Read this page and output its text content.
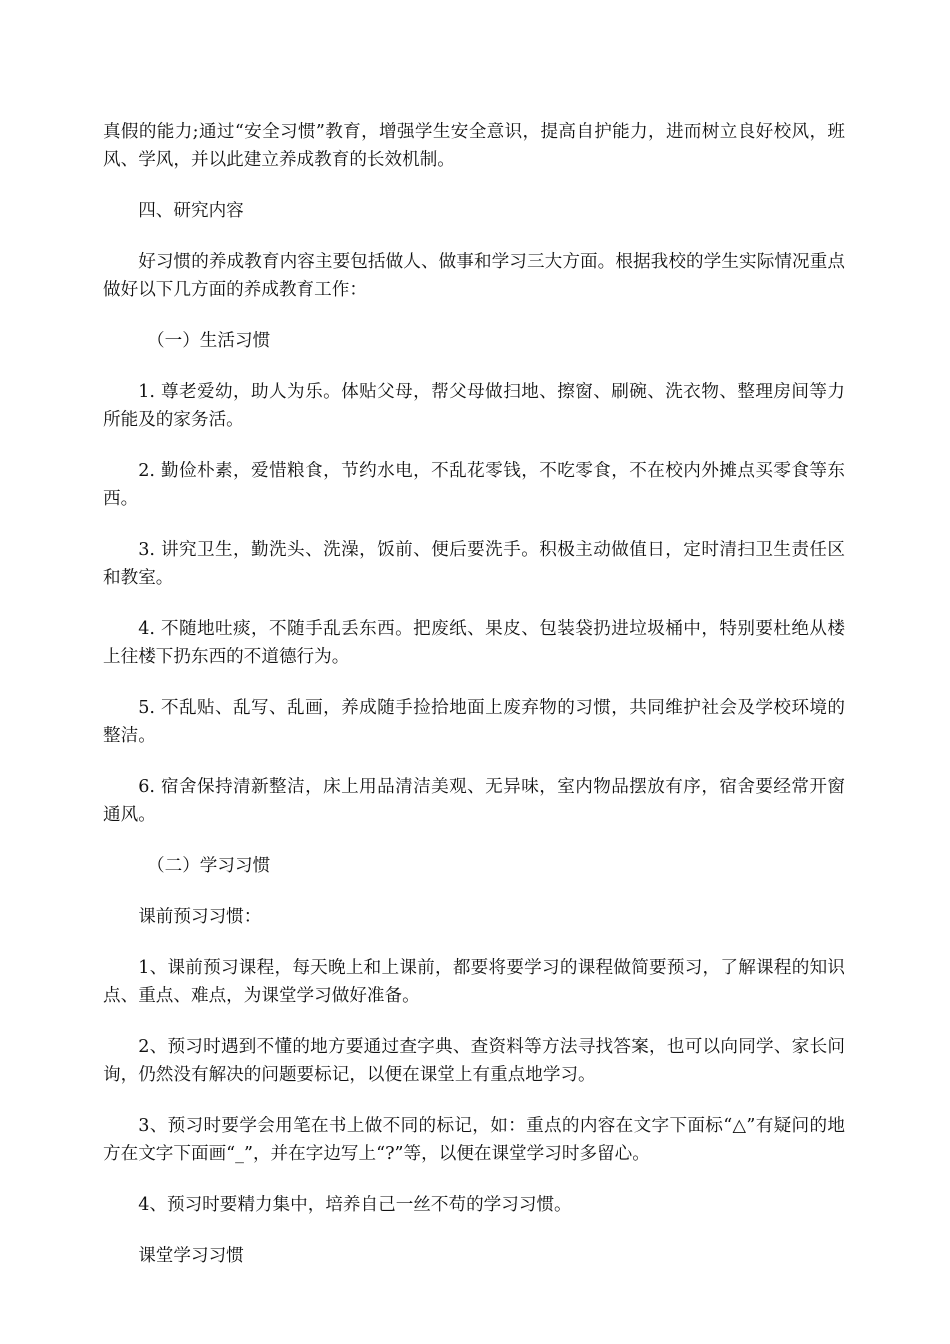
真假的能力;通过“安全习惯”教育，增强学生安全意识，提高自护能力，进而树立良好校风，班风、学风，并以此建立养成教育的长效机制。

四、研究内容

好习惯的养成教育内容主要包括做人、做事和学习三大方面。根据我校的学生实际情况重点做好以下几方面的养成教育工作：

（一）生活习惯

1. 尊老爱幼，助人为乐。体贴父母，帮父母做扫地、擦窗、刷碗、洗衣物、整理房间等力所能及的家务活。

2. 勤俭朴素，爱惜粮食，节约水电，不乱花零钱，不吃零食，不在校内外摊点买零食等东西。

3. 讲究卫生，勤洗头、洗澡，饭前、便后要洗手。积极主动做值日，定时清扫卫生责任区和教室。

4. 不随地吐痰，不随手乱丢东西。把废纸、果皮、包装袋扔进垃圾桶中，特别要杜绝从楼上往楼下扔东西的不道德行为。

5. 不乱贴、乱写、乱画，养成随手捡拾地面上废弃物的习惯，共同维护社会及学校环境的整洁。

6. 宿舍保持清新整洁，床上用品清洁美观、无异味，室内物品摆放有序，宿舍要经常开窗通风。

（二）学习习惯

课前预习习惯：

1、课前预习课程，每天晚上和上课前，都要将要学习的课程做简要预习，了解课程的知识点、重点、难点，为课堂学习做好准备。

2、预习时遇到不懂的地方要通过查字典、查资料等方法寻找答案，也可以向同学、家长问询，仍然没有解决的问题要标记，以便在课堂上有重点地学习。

3、预习时要学会用笔在书上做不同的标记，如：重点的内容在文字下面标“△”有疑问的地方在文字下面画“_”，并在字边写上“?”等，以便在课堂学习时多留心。

4、预习时要精力集中，培养自己一丝不苟的学习习惯。

课堂学习习惯
